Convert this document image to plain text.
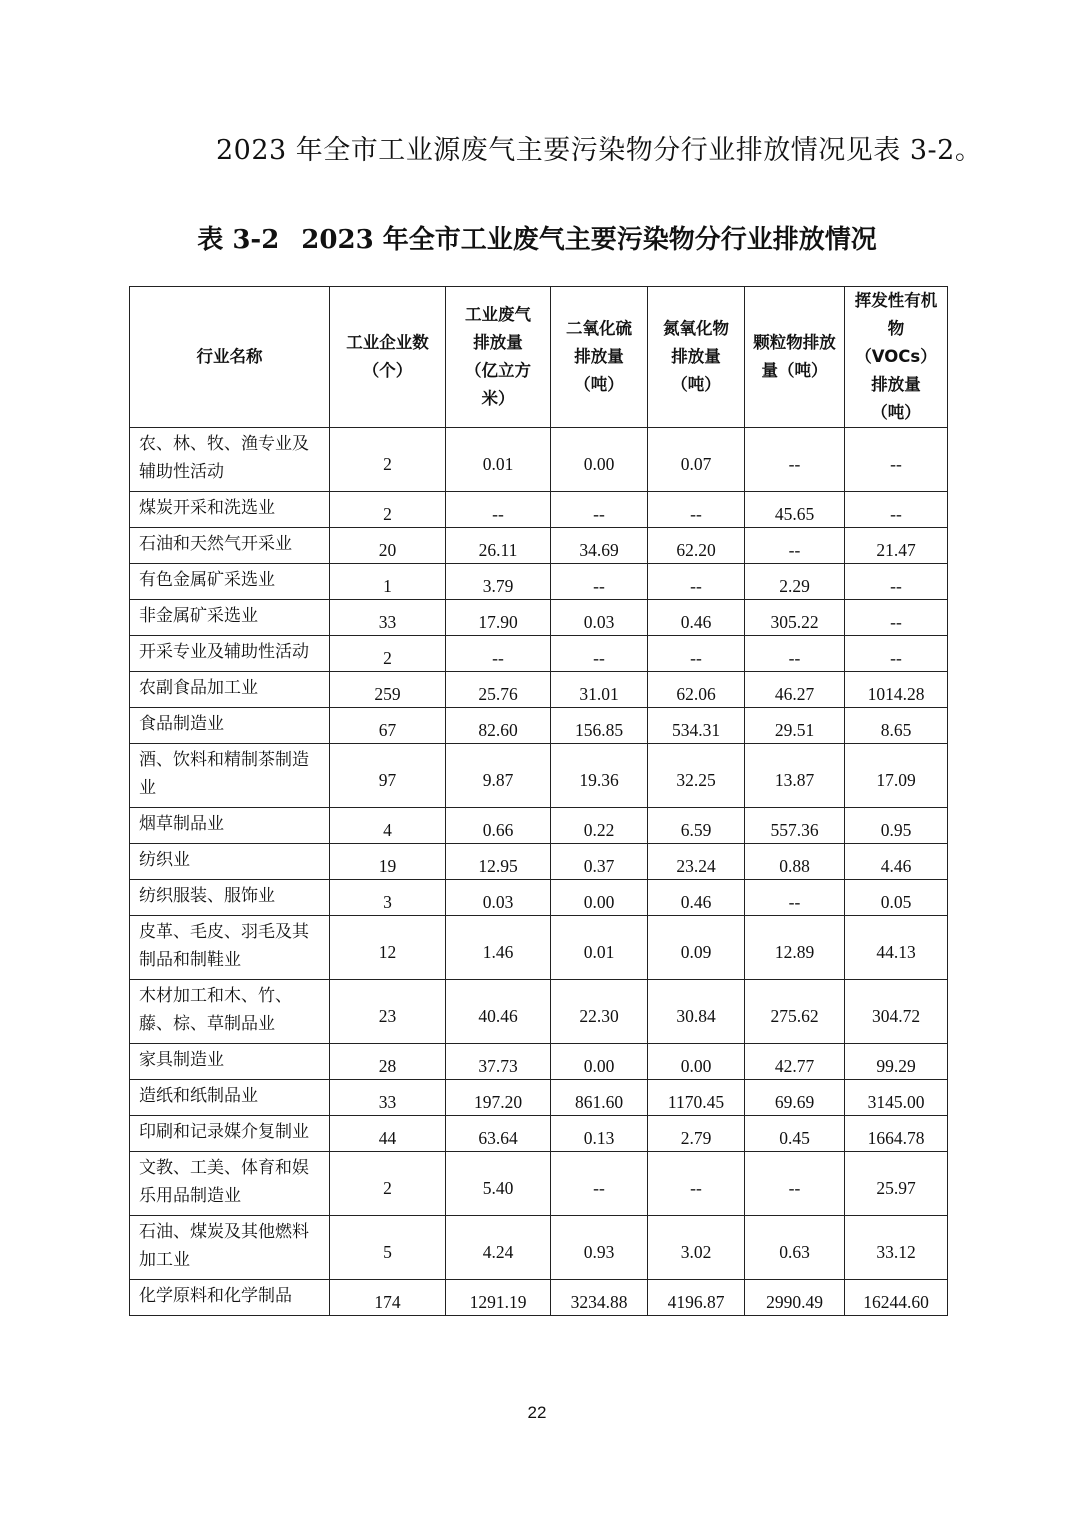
2023 年全市工业源废气主要污染物分行业排放情况见表 3-2。
表 3-2 2023 年全市工业废气主要污染物分行业排放情况
行业名称	工业企业数（个）	工业废气排放量（亿立方米）	二氧化硫排放量（吨）	氮氧化物排放量（吨）	颗粒物排放量（吨）	挥发性有机物（VOCs）排放量（吨）

农、林、牧、渔专业及辅助性活动	2	0.01	0.00	0.07	--	--
煤炭开采和洗选业	2	--	--	--	45.65	--
石油和天然气开采业	20	26.11	34.69	62.20	--	21.47
有色金属矿采选业	1	3.79	--	--	2.29	--
非金属矿采选业	33	17.90	0.03	0.46	305.22	--
开采专业及辅助性活动	2	--	--	--	--	--
农副食品加工业	259	25.76	31.01	62.06	46.27	1014.28
食品制造业	67	82.60	156.85	534.31	29.51	8.65
酒、饮料和精制茶制造业	97	9.87	19.36	32.25	13.87	17.09
烟草制品业	4	0.66	0.22	6.59	557.36	0.95
纺织业	19	12.95	0.37	23.24	0.88	4.46
纺织服装、服饰业	3	0.03	0.00	0.46	--	0.05
皮革、毛皮、羽毛及其制品和制鞋业	12	1.46	0.01	0.09	12.89	44.13
木材加工和木、竹、藤、棕、草制品业	23	40.46	22.30	30.84	275.62	304.72
家具制造业	28	37.73	0.00	0.00	42.77	99.29
造纸和纸制品业	33	197.20	861.60	1170.45	69.69	3145.00
印刷和记录媒介复制业	44	63.64	0.13	2.79	0.45	1664.78
文教、工美、体育和娱乐用品制造业	2	5.40	--	--	--	25.97
石油、煤炭及其他燃料加工业	5	4.24	0.93	3.02	0.63	33.12
化学原料和化学制品	174	1291.19	3234.88	4196.87	2990.49	16244.60
22
